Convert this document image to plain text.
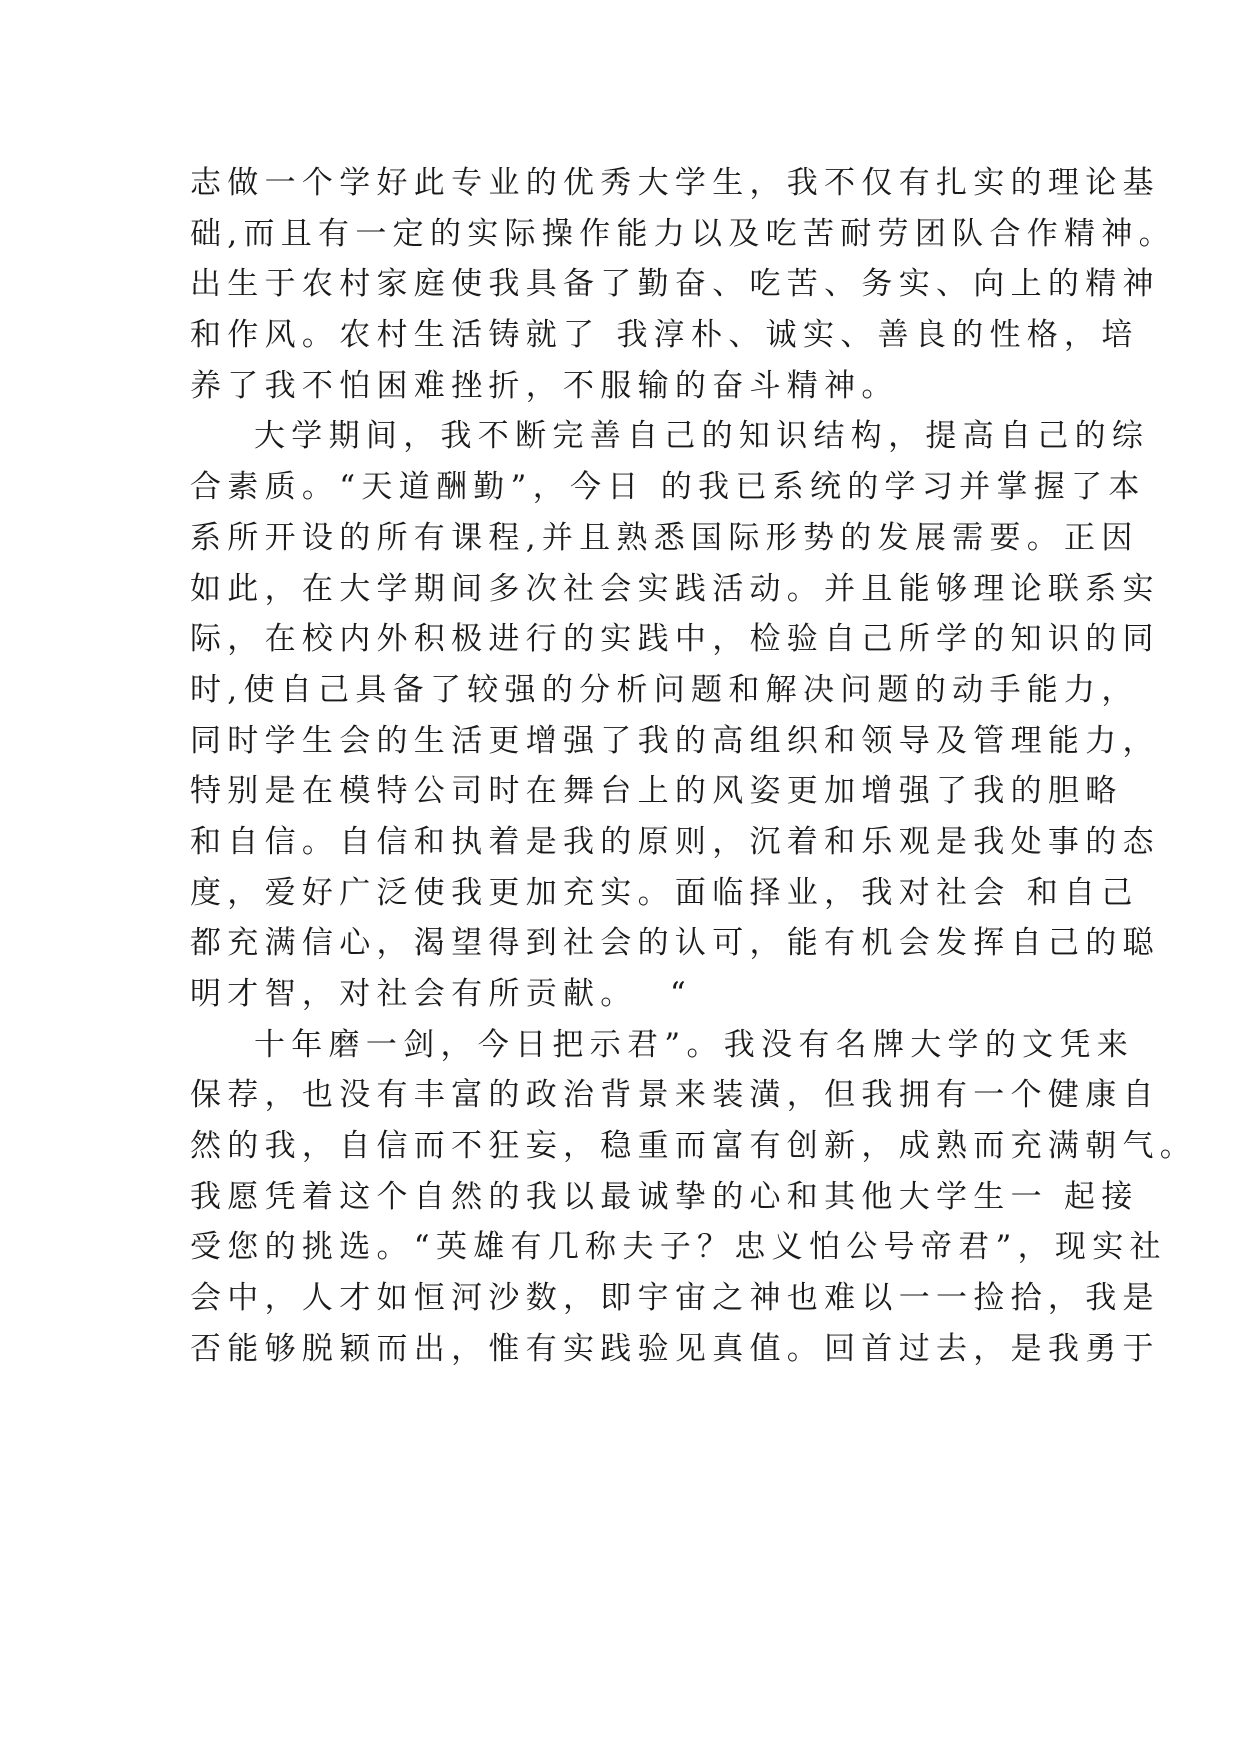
志做一个学好此专业的优秀大学生，我不仅有扎实的理论基
础,而且有一定的实际操作能力以及吃苦耐劳团队合作精神。
出生于农村家庭使我具备了勤奋、吃苦、务实、向上的精神
和作风。农村生活铸就了 我淳朴、诚实、善良的性格，培
养了我不怕困难挫折，不服输的奋斗精神。
大学期间，我不断完善自己的知识结构，提高自己的综
合素质。“天道酬勤”，今日 的我已系统的学习并掌握了本
系所开设的所有课程,并且熟悉国际形势的发展需要。正因
如此，在大学期间多次社会实践活动。并且能够理论联系实
际，在校内外积极进行的实践中，检验自己所学的知识的同
时,使自己具备了较强的分析问题和解决问题的动手能力，
同时学生会的生活更增强了我的高组织和领导及管理能力，
特别是在模特公司时在舞台上的风姿更加增强了我的胆略
和自信。自信和执着是我的原则，沉着和乐观是我处事的态
度，爱好广泛使我更加充实。面临择业，我对社会 和自己
都充满信心，渴望得到社会的认可，能有机会发挥自己的聪
明才智，对社会有所贡献。  “
十年磨一剑，今日把示君”。我没有名牌大学的文凭来
保荐，也没有丰富的政治背景来装潢，但我拥有一个健康自
然的我，自信而不狂妄，稳重而富有创新，成熟而充满朝气。
我愿凭着这个自然的我以最诚挚的心和其他大学生一 起接
受您的挑选。“英雄有几称夫子？忠义怕公号帝君”，现实社
会中，人才如恒河沙数，即宇宙之神也难以一一捡拾，我是
否能够脱颖而出，惟有实践验见真值。回首过去，是我勇于
